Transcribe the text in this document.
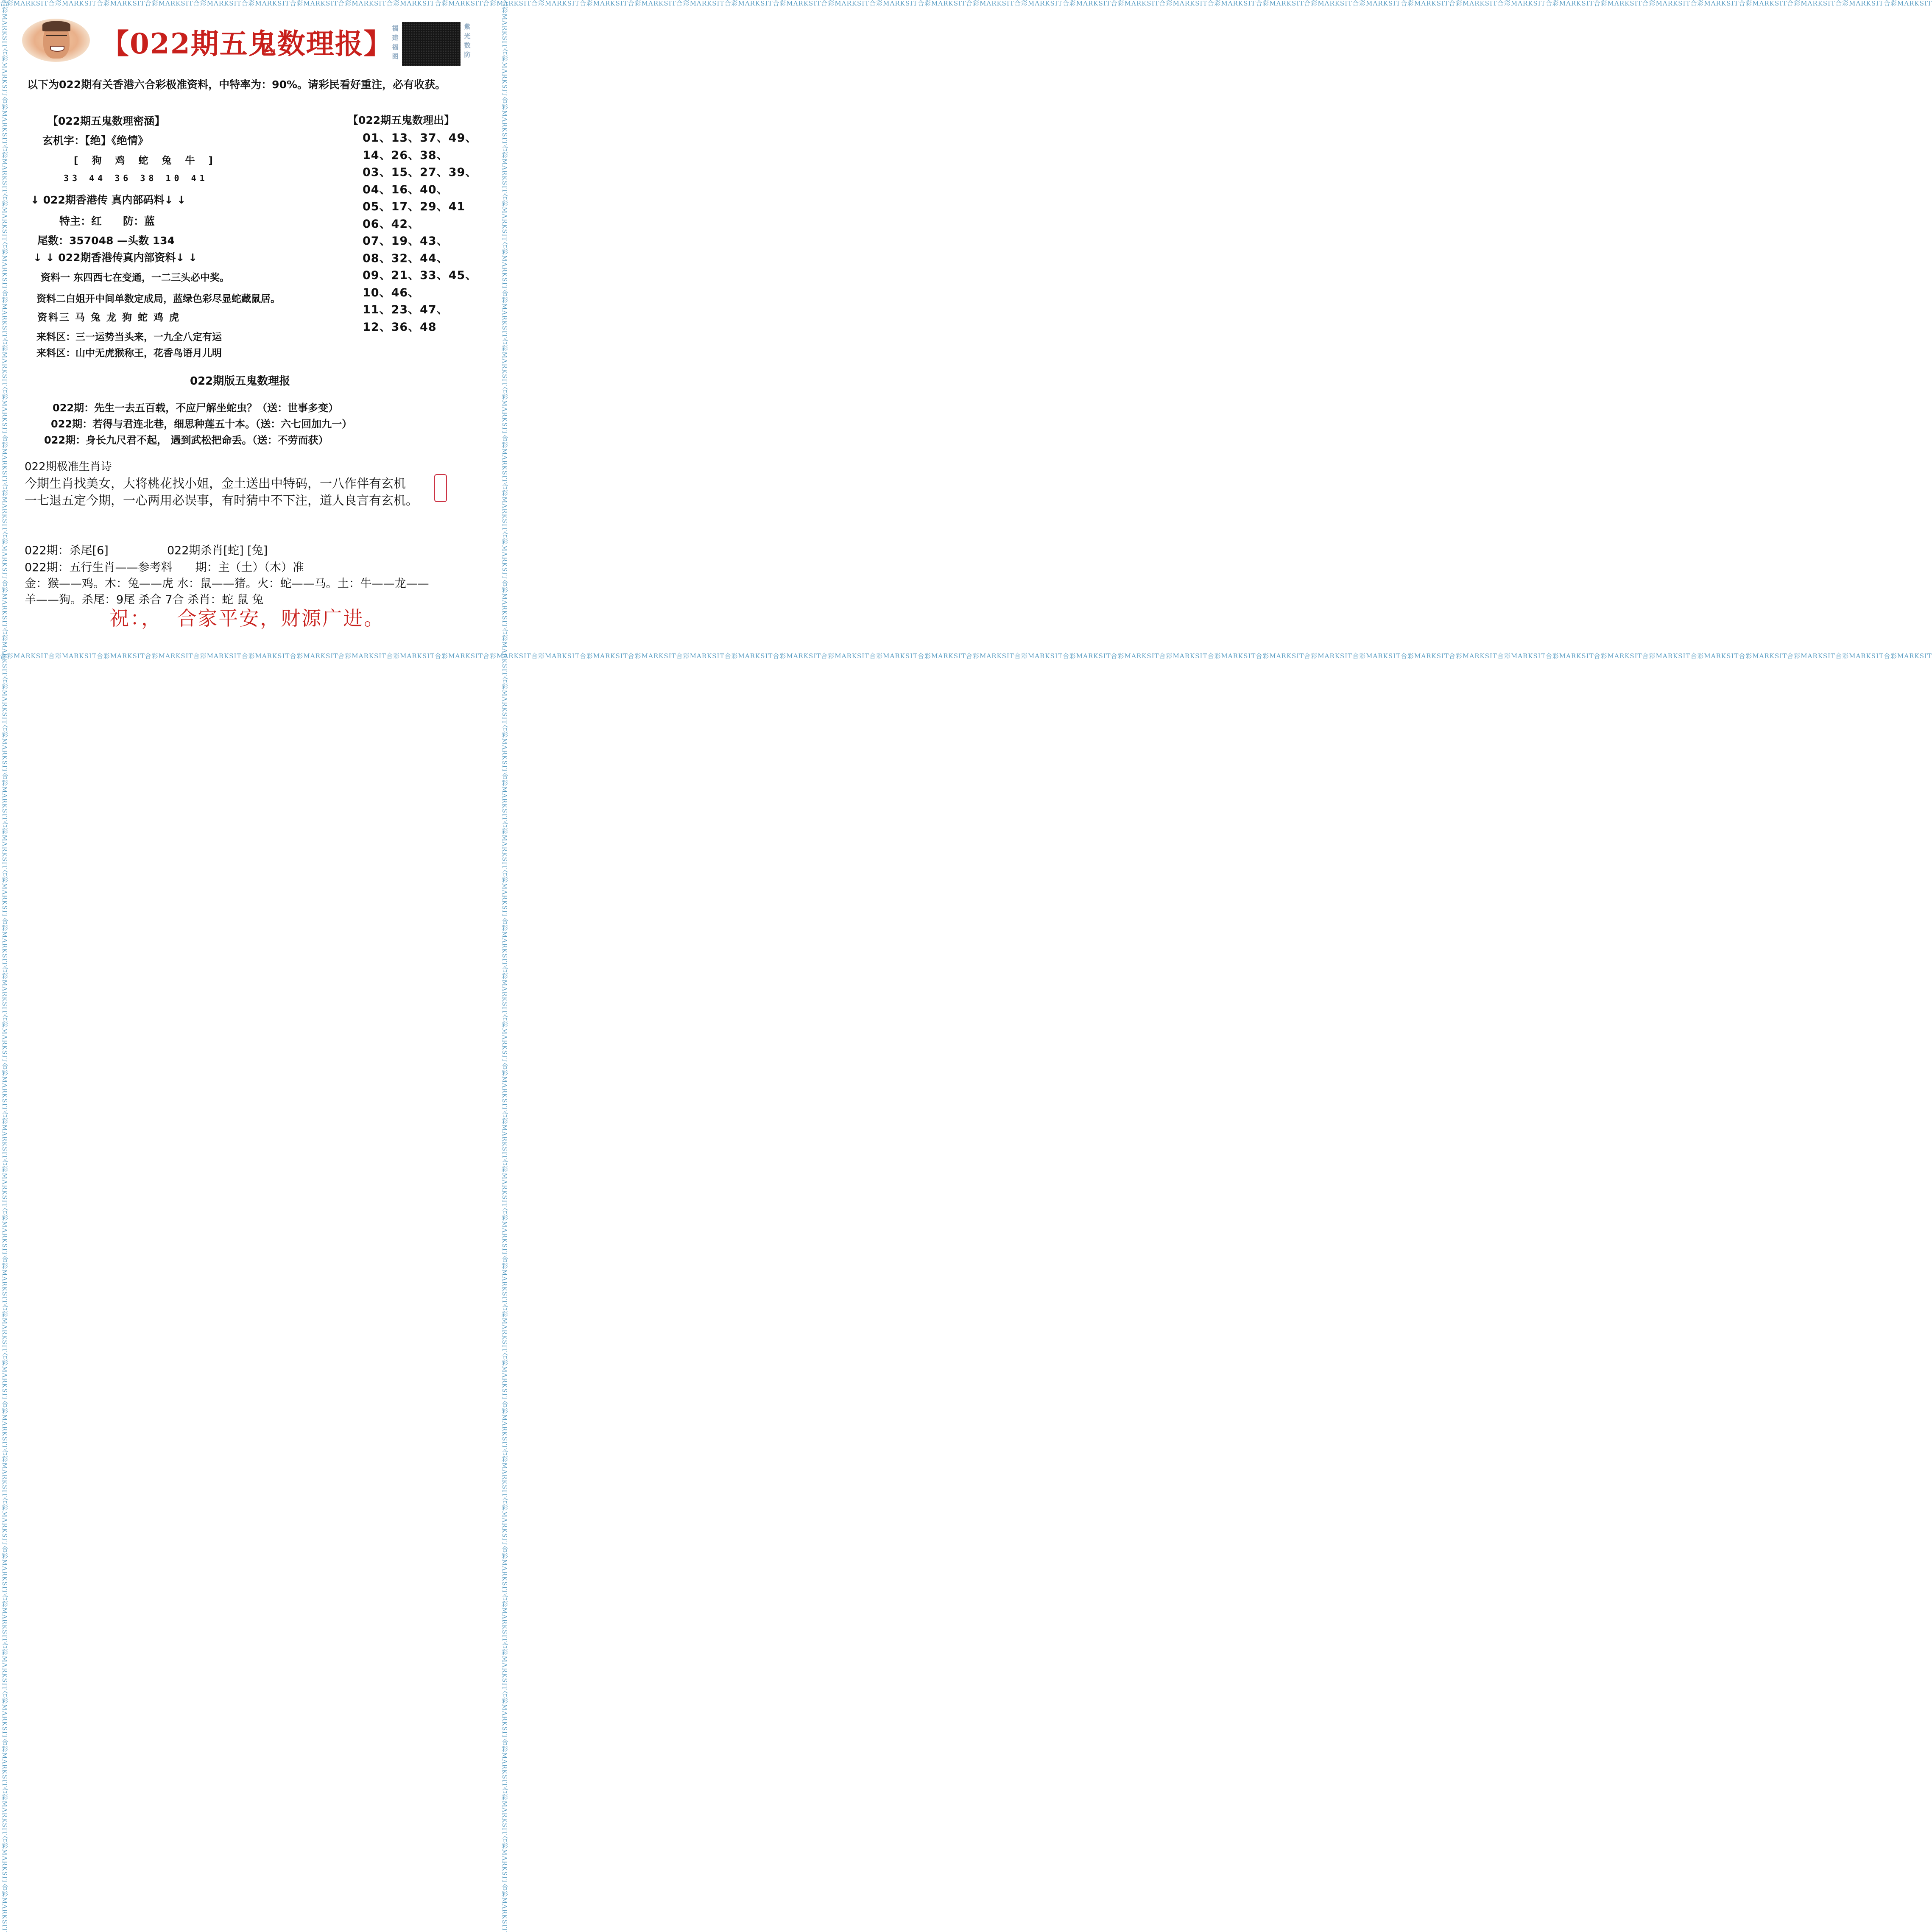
合彩MARKSIT合彩MARKSIT合彩MARKSIT合彩MARKSIT合彩MARKSIT合彩MARKSIT合彩MARKSIT合彩MARKSIT合彩MARKSIT合彩MARKSIT合彩MARKSIT合彩MARKSIT合彩MARKSIT合彩MARKSIT合彩MARKSIT合彩MARKSIT合彩MARKSIT合彩MARKSIT合彩MARKSIT合彩MARKSIT合彩MARKSIT合彩MARKSIT合彩MARKSIT合彩MARKSIT合彩MARKSIT合彩MARKSIT合彩MARKSIT合彩MARKSIT合彩MARKSIT合彩MARKSIT合彩MARKSIT合彩MARKSIT合彩MARKSIT合彩MARKSIT合彩MARKSIT合彩MARKSIT合彩MARKSIT合彩MARKSIT合彩MARKSIT合彩MARKSIT
合彩MARKSIT合彩MARKSIT合彩MARKSIT合彩MARKSIT合彩MARKSIT合彩MARKSIT合彩MARKSIT合彩MARKSIT合彩MARKSIT合彩MARKSIT合彩MARKSIT合彩MARKSIT合彩MARKSIT合彩MARKSIT合彩MARKSIT合彩MARKSIT合彩MARKSIT合彩MARKSIT合彩MARKSIT合彩MARKSIT合彩MARKSIT合彩MARKSIT合彩MARKSIT合彩MARKSIT合彩MARKSIT合彩MARKSIT合彩MARKSIT合彩MARKSIT合彩MARKSIT合彩MARKSIT合彩MARKSIT合彩MARKSIT合彩MARKSIT合彩MARKSIT合彩MARKSIT合彩MARKSIT合彩MARKSIT合彩MARKSIT合彩MARKSIT合彩MARKSIT
合彩MARKSIT合彩MARKSIT合彩MARKSIT合彩MARKSIT合彩MARKSIT合彩MARKSIT合彩MARKSIT合彩MARKSIT合彩MARKSIT合彩MARKSIT合彩MARKSIT合彩MARKSIT合彩MARKSIT合彩MARKSIT合彩MARKSIT合彩MARKSIT合彩MARKSIT合彩MARKSIT合彩MARKSIT合彩MARKSIT合彩MARKSIT合彩MARKSIT合彩MARKSIT合彩MARKSIT合彩MARKSIT合彩MARKSIT合彩MARKSIT合彩MARKSIT合彩MARKSIT合彩MARKSIT合彩MARKSIT合彩MARKSIT合彩MARKSIT合彩MARKSIT合彩MARKSIT合彩MARKSIT合彩MARKSIT合彩MARKSIT合彩MARKSIT合彩MARKSIT	合彩MARKSIT合彩MARKSIT合彩MARKSIT合彩MARKSIT合彩MARKSIT合彩MARKSIT合彩MARKSIT合彩MARKSIT合彩MARKSIT合彩MARKSIT合彩MARKSIT合彩MARKSIT合彩MARKSIT合彩MARKSIT合彩MARKSIT合彩MARKSIT合彩MARKSIT合彩MARKSIT合彩MARKSIT合彩MARKSIT合彩MARKSIT合彩MARKSIT合彩MARKSIT合彩MARKSIT合彩MARKSIT合彩MARKSIT合彩MARKSIT合彩MARKSIT合彩MARKSIT合彩MARKSIT合彩MARKSIT合彩MARKSIT合彩MARKSIT合彩MARKSIT合彩MARKSIT合彩MARKSIT合彩MARKSIT合彩MARKSIT合彩MARKSIT合彩MARKSIT
【022期五鬼数理报】
福
建
福
图
紫
光
数
防
以下为022期有关香港六合彩极准资料，中特率为：90%。请彩民看好重注，必有收获。
【022期五鬼数理密涵】
玄机字：【绝】《绝情》
[ 狗 鸡 蛇 兔 牛 ]
33 44 36 38 10 41
↓ 022期香港传 真内部码料↓ ↓
特主：红　　防：蓝
尾数：357048 —头数 134
↓ ↓ 022期香港传真内部资料↓ ↓
资料一 东四西七在变通，一二三头必中奖。
资料二白姐开中间单数定成局，蓝绿色彩尽显蛇藏鼠居。
资料三 马 兔 龙 狗 蛇 鸡 虎
来料区：三一运势当头来，一九全八定有运
来料区：山中无虎猴称王，花香鸟语月儿明
【022期五鬼数理出】
01、13、37、49、
14、26、38、
03、15、27、39、
04、16、40、
05、17、29、41
06、42、
07、19、43、
08、32、44、
09、21、33、45、
10、46、
11、23、47、
12、36、48
022期版五鬼数理报
022期：先生一去五百载，不应尸解坐蛇虫？（送：世事多变）
022期：若得与君连北巷，细思种莲五十本。（送：六七回加九一）
022期：身长九尺君不起， 遇到武松把命丢。（送：不劳而获）
022期极准生肖诗
今期生肖找美女，大将桃花找小姐，金土送出中特码，一八作伴有玄机
一七退五定今期，一心两用必误事，有时猜中不下注，道人良言有玄机。
022期：杀尾[6]	022期杀肖[蛇] [兔]
022期：五行生肖——参考料　　期：主（土）（木）准
金：猴——鸡。木：兔——虎 水：鼠——猪。火：蛇——马。土：牛——龙——
羊——狗。杀尾：9尾 杀合 7合 杀肖：蛇 鼠 兔
祝：，  合家平安，财源广进。
